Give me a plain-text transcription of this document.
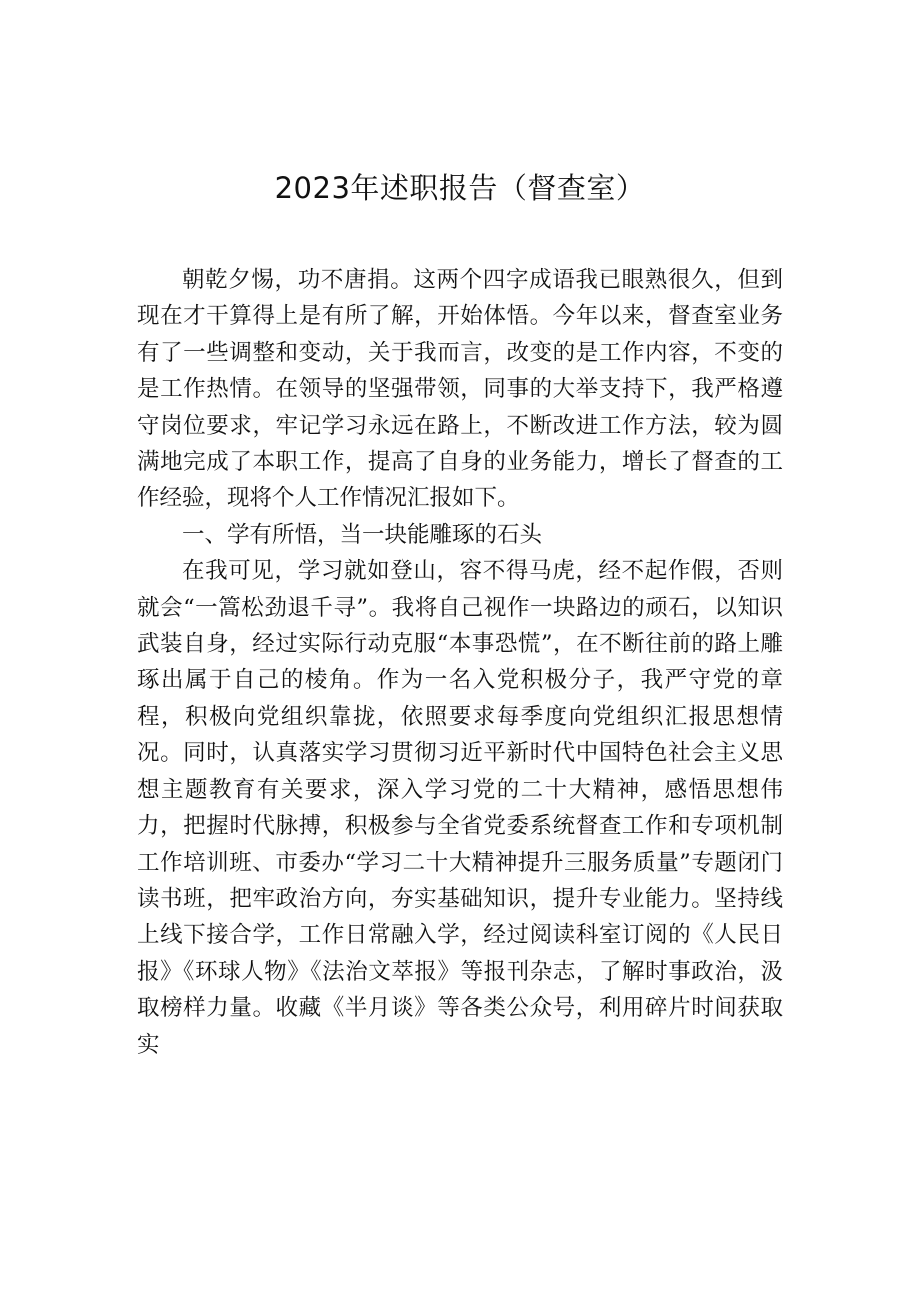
2023年述职报告（督查室）

朝乾夕惕，功不唐捐。这两个四字成语我已眼熟很久，但到现在才干算得上是有所了解，开始体悟。今年以来，督查室业务有了一些调整和变动，关于我而言，改变的是工作内容，不变的是工作热情。在领导的坚强带领，同事的大举支持下，我严格遵守岗位要求，牢记学习永远在路上，不断改进工作方法，较为圆满地完成了本职工作，提高了自身的业务能力，增长了督查的工作经验，现将个人工作情况汇报如下。

一、学有所悟，当一块能雕琢的石头

在我可见，学习就如登山，容不得马虎，经不起作假，否则就会“一篙松劲退千寻”。我将自己视作一块路边的顽石，以知识武装自身，经过实际行动克服“本事恐慌”，在不断往前的路上雕琢出属于自己的棱角。作为一名入党积极分子，我严守党的章程，积极向党组织靠拢，依照要求每季度向党组织汇报思想情况。同时，认真落实学习贯彻习近平新时代中国特色社会主义思想主题教育有关要求，深入学习党的二十大精神，感悟思想伟力，把握时代脉搏，积极参与全省党委系统督查工作和专项机制工作培训班、市委办“学习二十大精神提升三服务质量”专题闭门读书班，把牢政治方向，夯实基础知识，提升专业能力。坚持线上线下接合学，工作日常融入学，经过阅读科室订阅的《人民日报》《环球人物》《法治文萃报》等报刊杂志，了解时事政治，汲取榜样力量。收藏《半月谈》等各类公众号，利用碎片时间获取实
